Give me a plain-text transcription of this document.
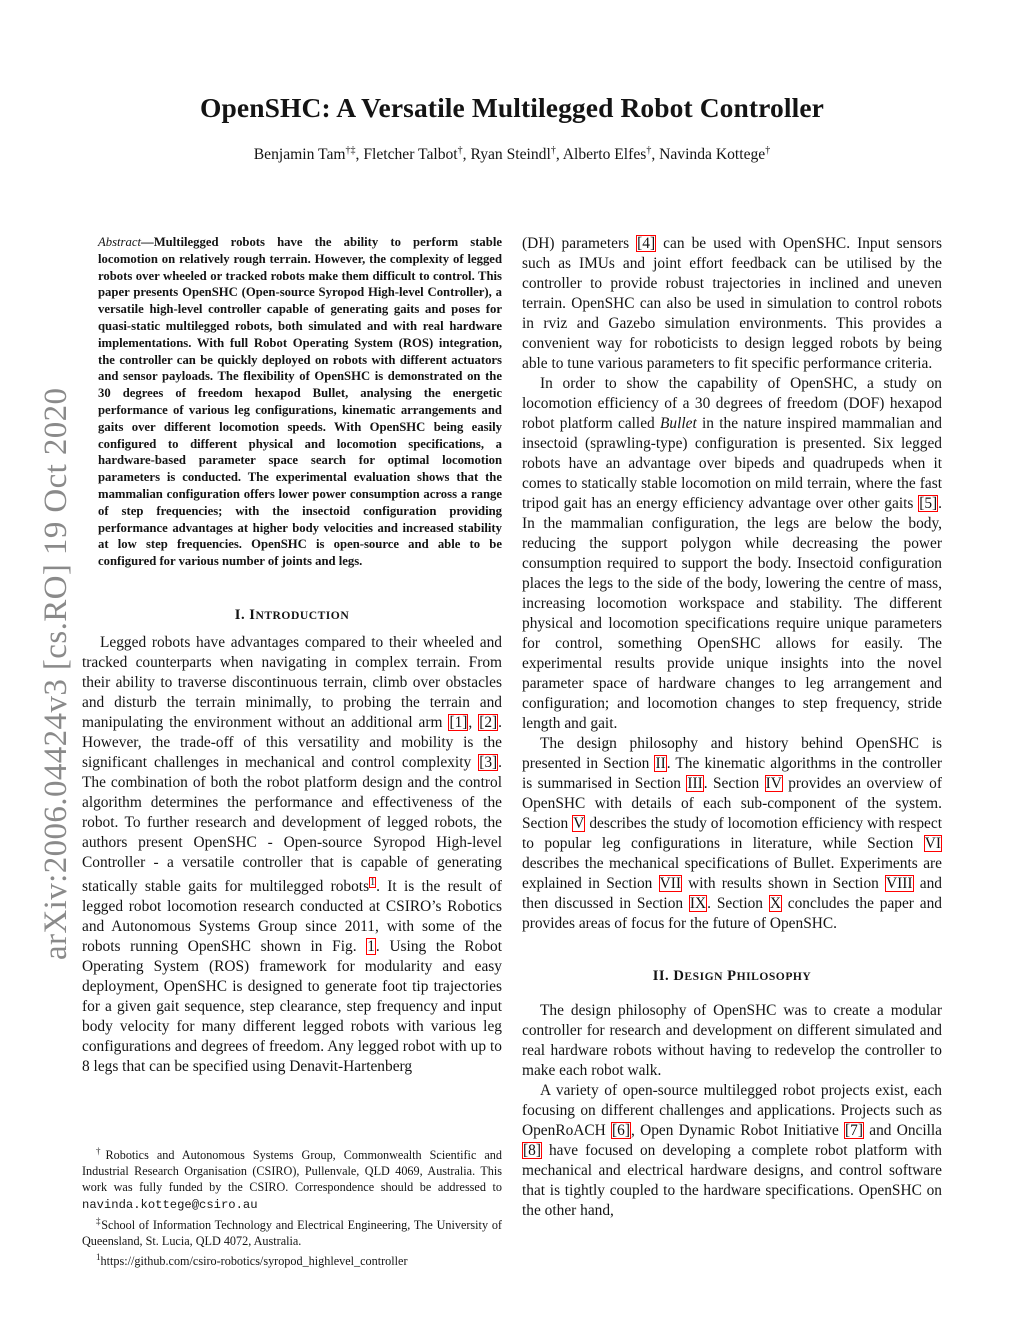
OpenSHC: A Versatile Multilegged Robot Controller
Benjamin Tam†‡, Fletcher Talbot†, Ryan Steindl†, Alberto Elfes†, Navinda Kottege†
arXiv:2006.04424v3 [cs.RO] 19 Oct 2020

Abstract—Multilegged robots have the ability to perform stable locomotion on relatively rough terrain. However, the complexity of legged robots over wheeled or tracked robots make them difficult to control. This paper presents OpenSHC (Open-source Syropod High-level Controller), a versatile high-level controller capable of generating gaits and poses for quasi-static multilegged robots, both simulated and with real hardware implementations. With full Robot Operating System (ROS) integration, the controller can be quickly deployed on robots with different actuators and sensor payloads. The flexibility of OpenSHC is demonstrated on the 30 degrees of freedom hexapod Bullet, analysing the energetic performance of various leg configurations, kinematic arrangements and gaits over different locomotion speeds. With OpenSHC being easily configured to different physical and locomotion specifications, a hardware-based parameter space search for optimal locomotion parameters is conducted. The experimental evaluation shows that the mammalian configuration offers lower power consumption across a range of step frequencies; with the insectoid configuration providing performance advantages at higher body velocities and increased stability at low step frequencies. OpenSHC is open-source and able to be configured for various number of joints and legs.

I. INTRODUCTION

Legged robots have advantages compared to their wheeled and tracked counterparts when navigating in complex terrain. From their ability to traverse discontinuous terrain, climb over obstacles and disturb the terrain minimally, to probing the terrain and manipulating the environment without an additional arm [1], [2]. However, the trade-off of this versatility and mobility is the significant challenges in mechanical and control complexity [3]. The combination of both the robot platform design and the control algorithm determines the performance and effectiveness of the robot. To further research and development of legged robots, the authors present OpenSHC - Open-source Syropod High-level Controller - a versatile controller that is capable of generating statically stable gaits for multilegged robots$^1$. It is the result of legged robot locomotion research conducted at CSIRO’s Robotics and Autonomous Systems Group since 2011, with some of the robots running OpenSHC shown in Fig. 1. Using the Robot Operating System (ROS) framework for modularity and easy deployment, OpenSHC is designed to generate foot tip trajectories for a given gait sequence, step clearance, step frequency and input body velocity for many different legged robots with various leg configurations and degrees of freedom. Any legged robot with up to 8 legs that can be specified using Denavit-Hartenberg

†Robotics and Autonomous Systems Group, Commonwealth Scientific and Industrial Research Organisation (CSIRO), Pullenvale, QLD 4069, Australia. This work was fully funded by the CSIRO. Correspondence should be addressed to navinda.kottege@csiro.au

‡School of Information Technology and Electrical Engineering, The University of Queensland, St. Lucia, QLD 4072, Australia.

$^1$https://github.com/csiro-robotics/syropod_highlevel_controller

(DH) parameters [4] can be used with OpenSHC. Input sensors such as IMUs and joint effort feedback can be utilised by the controller to provide robust trajectories in inclined and uneven terrain. OpenSHC can also be used in simulation to control robots in rviz and Gazebo simulation environments. This provides a convenient way for roboticists to design legged robots by being able to tune various parameters to fit specific performance criteria.

In order to show the capability of OpenSHC, a study on locomotion efficiency of a 30 degrees of freedom (DOF) hexapod robot platform called Bullet in the nature inspired mammalian and insectoid (sprawling-type) configuration is presented. Six legged robots have an advantage over bipeds and quadrupeds when it comes to statically stable locomotion on mild terrain, where the fast tripod gait has an energy efficiency advantage over other gaits [5]. In the mammalian configuration, the legs are below the body, reducing the support polygon while decreasing the power consumption required to support the body. Insectoid configuration places the legs to the side of the body, lowering the centre of mass, increasing locomotion workspace and stability. The different physical and locomotion specifications require unique parameters for control, something OpenSHC allows for easily. The experimental results provide unique insights into the novel parameter space of hardware changes to leg arrangement and configuration; and locomotion changes to step frequency, stride length and gait.

The design philosophy and history behind OpenSHC is presented in Section II. The kinematic algorithms in the controller is summarised in Section III. Section IV provides an overview of OpenSHC with details of each sub-component of the system. Section V describes the study of locomotion efficiency with respect to popular leg configurations in literature, while Section VI describes the mechanical specifications of Bullet. Experiments are explained in Section VII with results shown in Section VIII and then discussed in Section IX. Section X concludes the paper and provides areas of focus for the future of OpenSHC.

II. DESIGN PHILOSOPHY

The design philosophy of OpenSHC was to create a modular controller for research and development on different simulated and real hardware robots without having to redevelop the controller to make each robot walk.

A variety of open-source multilegged robot projects exist, each focusing on different challenges and applications. Projects such as OpenRoACH [6], Open Dynamic Robot Initiative [7] and Oncilla [8] have focused on developing a complete robot platform with mechanical and electrical hardware designs, and control software that is tightly coupled to the hardware specifications. OpenSHC on the other hand,
